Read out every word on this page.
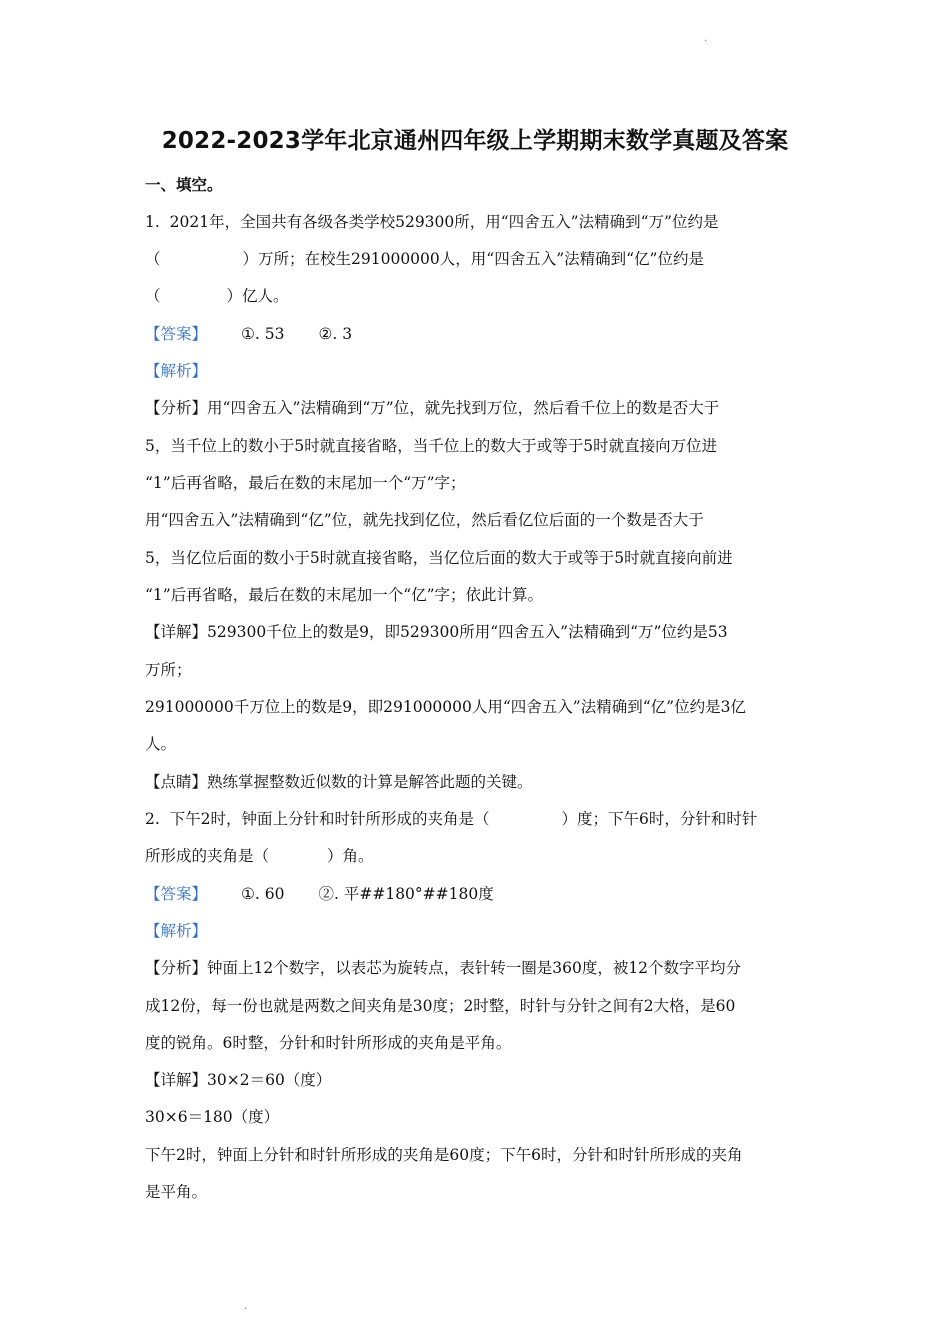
·
2022-2023学年北京通州四年级上学期期末数学真题及答案
一、填空。
1.  2021年，全国共有各级各类学校529300所，用“四舍五入”法精确到“万”位约是
（	）万所；在校生291000000人，用“四舍五入”法精确到“亿”位约是
（	）亿人。
【答案】 ①. 53 ②. 3
【解析】
【分析】用“四舍五入”法精确到“万”位，就先找到万位，然后看千位上的数是否大于
5，当千位上的数小于5时就直接省略，当千位上的数大于或等于5时就直接向万位进
“1”后再省略，最后在数的末尾加一个“万”字；
用“四舍五入”法精确到“亿”位，就先找到亿位，然后看亿位后面的一个数是否大于
5，当亿位后面的数小于5时就直接省略，当亿位后面的数大于或等于5时就直接向前进
“1”后再省略，最后在数的末尾加一个“亿”字；依此计算。
【详解】529300千位上的数是9，即529300所用“四舍五入”法精确到“万”位约是53
万所；
291000000千万位上的数是9，即291000000人用“四舍五入”法精确到“亿”位约是3亿
人。
【点睛】熟练掌握整数近似数的计算是解答此题的关键。
2.  下午2时，钟面上分针和时针所形成的夹角是（	）度；下午6时，分针和时针
所形成的夹角是（	）角。
【答案】 ①. 60 ②. 平##180°##180度
【解析】
【分析】钟面上12个数字，以表芯为旋转点，表针转一圈是360度，被12个数字平均分
成12份，每一份也就是两数之间夹角是30度；2时整，时针与分针之间有2大格，是60
度的锐角。6时整，分针和时针所形成的夹角是平角。
【详解】30×2＝60（度）
30×6＝180（度）
下午2时，钟面上分针和时针所形成的夹角是60度；下午6时，分针和时针所形成的夹角
是平角。
·
